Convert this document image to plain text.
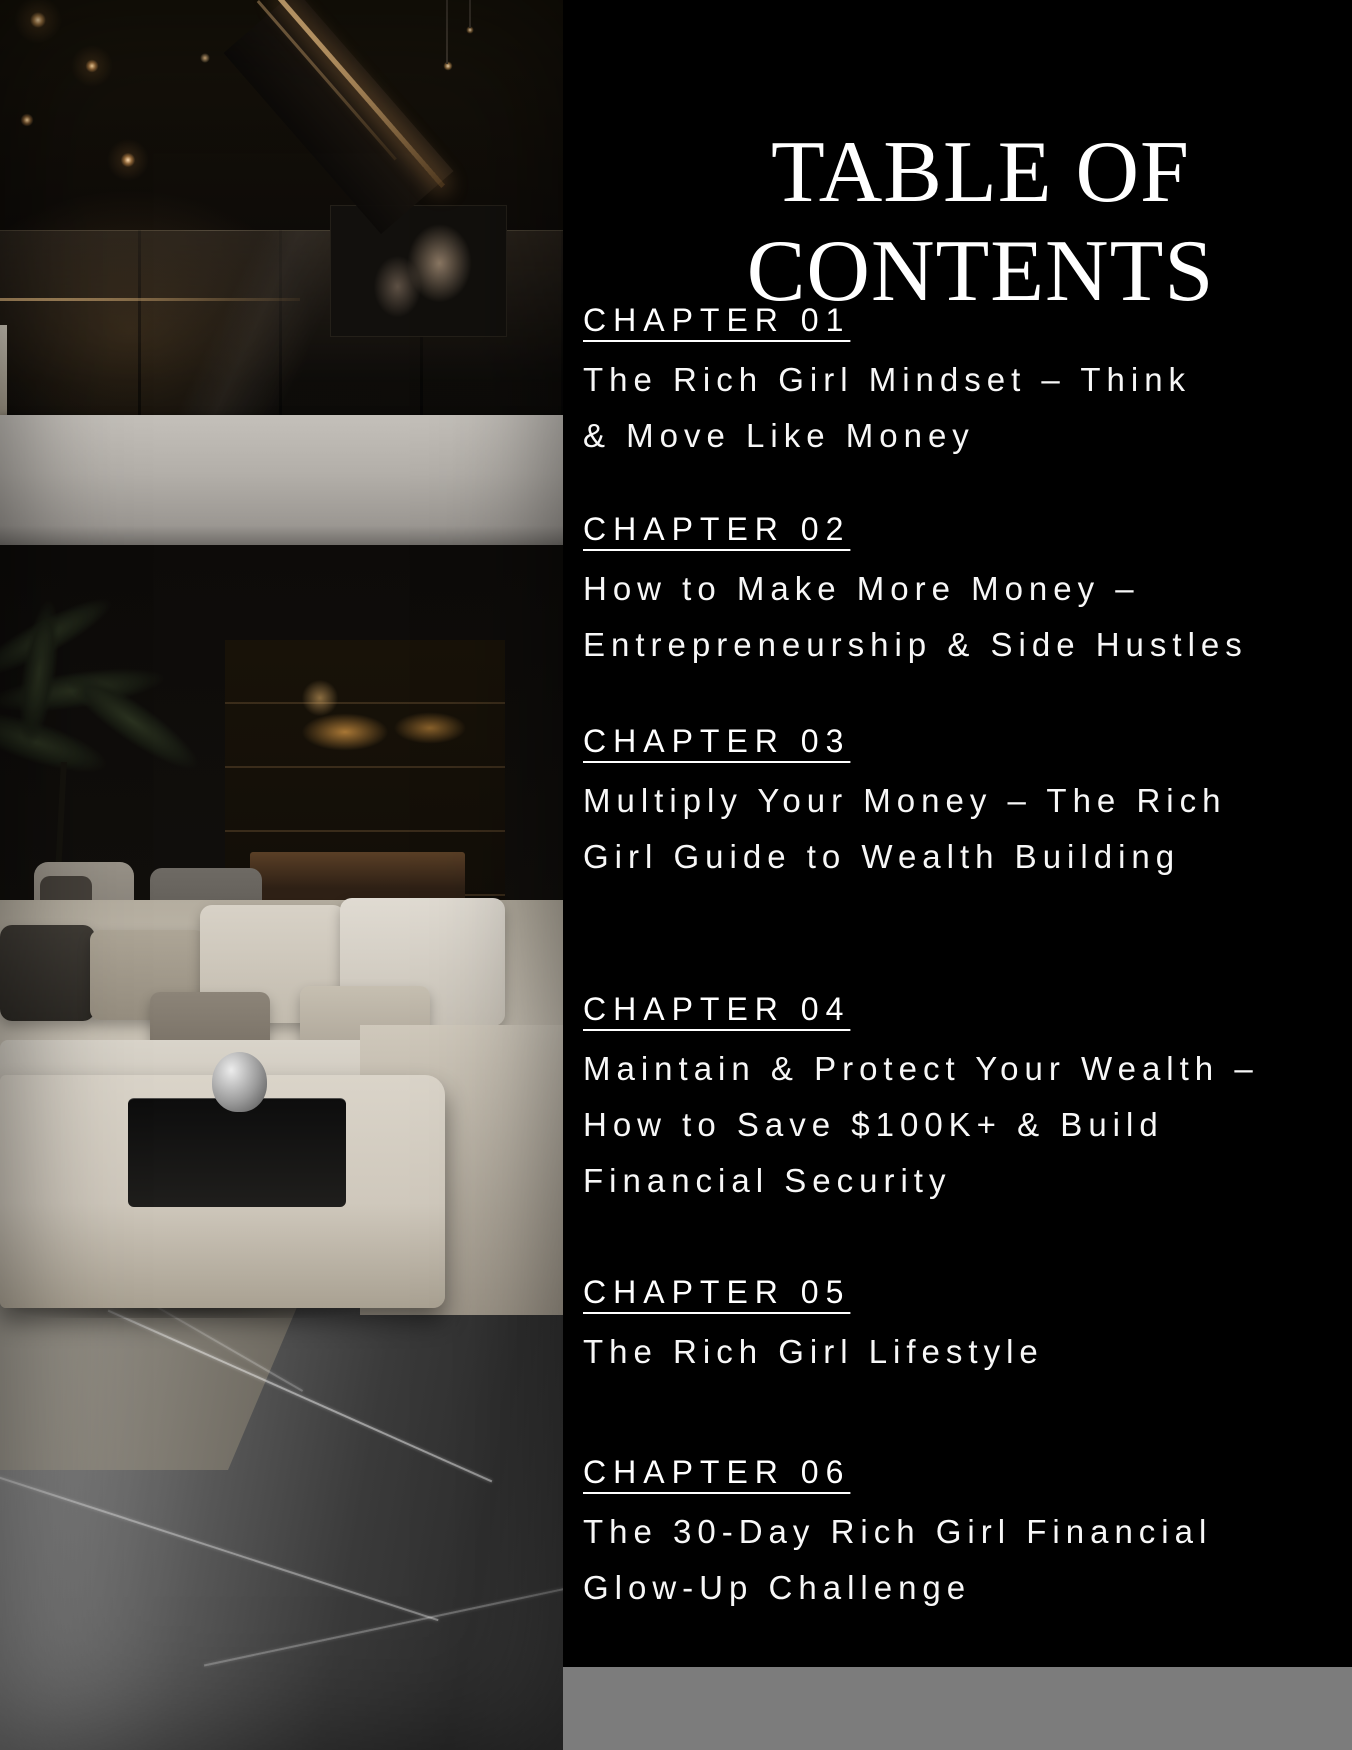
TABLE OF
CONTENTS
CHAPTER 01

The Rich Girl Mindset – Think

& Move Like Money

CHAPTER 02

How to Make More Money –

Entrepreneurship & Side Hustles

CHAPTER 03

Multiply Your Money – The Rich

Girl Guide to Wealth Building

CHAPTER 04

Maintain & Protect Your Wealth –

How to Save $100K+ & Build

Financial Security

CHAPTER 05

The Rich Girl Lifestyle

CHAPTER 06

The 30-Day Rich Girl Financial

Glow-Up Challenge
